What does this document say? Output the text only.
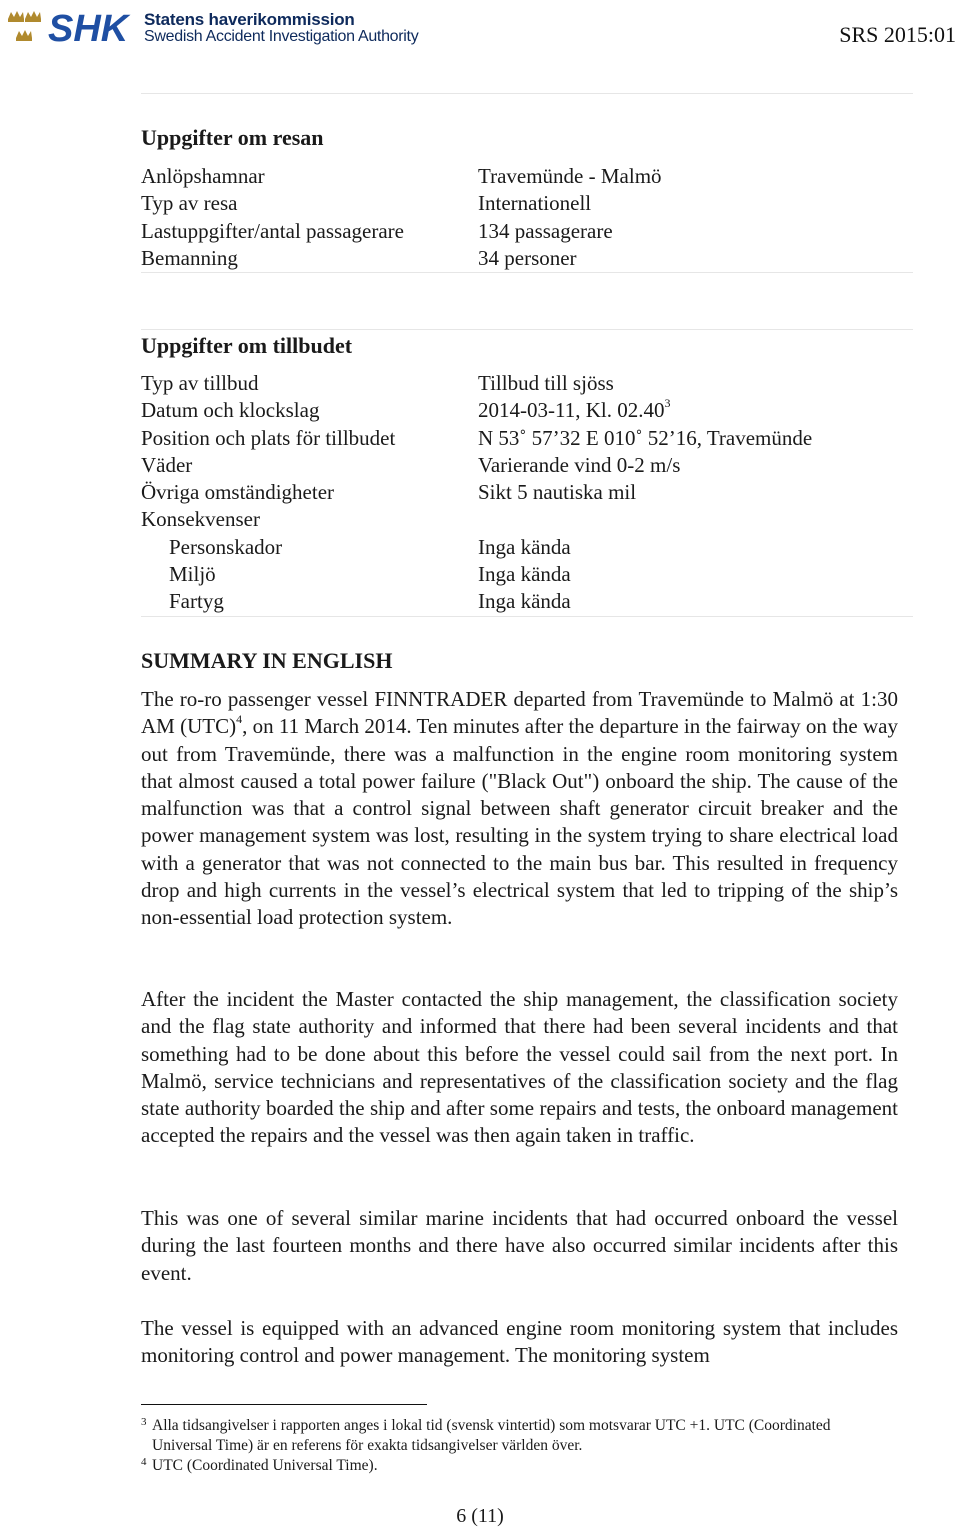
SHK Statens haverikommission
Swedish Accident Investigation Authority	SRS 2015:01
Uppgifter om resan
Anlöpshamnar	Travemünde - Malmö
Typ av resa	Internationell
Lastuppgifter/antal passagerare	134 passagerare
Bemanning	34 personer
Uppgifter om tillbudet
Typ av tillbud	Tillbud till sjöss
Datum och klockslag	2014-03-11, Kl. 02.40$^3$
Position och plats för tillbudet	N 53˚ 57’32 E 010˚ 52’16, Travemünde
Väder	Varierande vind 0-2 m/s
Övriga omständigheter	Sikt 5 nautiska mil
Konsekvenser
Personskador	Inga kända
Miljö	Inga kända
Fartyg	Inga kända
SUMMARY IN ENGLISH

The ro-ro passenger vessel FINNTRADER departed from Travemünde to Malmö at 1:30 AM (UTC)$^4$, on 11 March 2014. Ten minutes after the departure in the fairway on the way out from Travemünde, there was a malfunction in the engine room monitoring system that almost caused a total power failure ("Black Out") onboard the ship. The cause of the malfunction was that a control signal between shaft generator circuit breaker and the power management system was lost, resulting in the system trying to share electrical load with a generator that was not connected to the main bus bar. This resulted in frequency drop and high currents in the vessel’s electrical system that led to tripping of the ship’s non-essential load protection system.

After the incident the Master contacted the ship management, the classification society and the flag state authority and informed that there had been several incidents and that something had to be done about this before the vessel could sail from the next port. In Malmö, service technicians and representatives of the classification society and the flag state authority boarded the ship and after some repairs and tests, the onboard management accepted the repairs and the vessel was then again taken in traffic.

This was one of several similar marine incidents that had occurred onboard the vessel during the last fourteen months and there have also occurred similar incidents after this event.

The vessel is equipped with an advanced engine room monitoring system that includes monitoring control and power management. The monitoring system

3 Alla tidsangivelser i rapporten anges i lokal tid (svensk vintertid) som motsvarar UTC +1. UTC (Coordinated Universal Time) är en referens för exakta tidsangivelser världen över.
4 UTC (Coordinated Universal Time).
6 (11)
